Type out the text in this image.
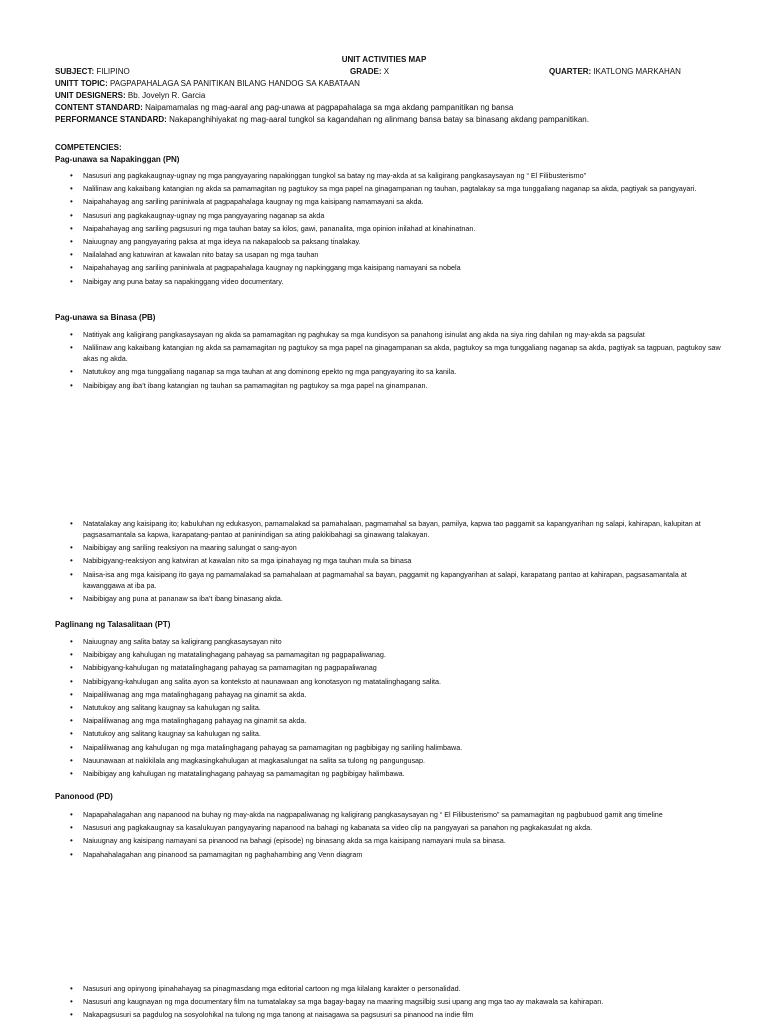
UNIT ACTIVITIES MAP
SUBJECT: FILIPINO	GRADE: X	QUARTER: IKATLONG MARKAHAN
UNITT TOPIC: PAGPAPAHALAGA SA PANITIKAN BILANG HANDOG SA KABATAAN
UNIT DESIGNERS: Bb. Jovelyn R. Garcia
CONTENT STANDARD: Naipamamalas ng mag-aaral ang pag-unawa at pagpapahalaga sa mga akdang pampanitikan ng bansa
PERFORMANCE STANDARD: Nakapanghihiyakat ng mag-aaral tungkol sa kagandahan ng alinmang bansa batay sa binasang akdang pampanitikan.
COMPETENCIES:
Pag-unawa sa Napakinggan (PN)
• Nasusuri ang pagkakaugnay-ugnay ng mga pangyayaring napakinggan tungkol sa batay ng may-akda at sa kaligirang pangkasaysayan ng “ El Filibusterismo”
• Nalilinaw ang kakaibang katangian ng akda sa pamamagitan ng pagtukoy sa mga papel na ginagampanan ng tauhan, pagtalakay sa mga tunggaliang naganap sa akda, pagtiyak sa pangyayari.
• Naipahahayag ang sariling paniniwala at pagpapahalaga kaugnay ng mga kaisipang namamayani sa akda.
• Nasusuri ang pagkakaugnay-ugnay ng mga pangyayaring naganap sa akda
• Naipahahayag ang sariling pagsusuri ng mga tauhan batay sa kilos, gawi, pananalita, mga opinion inilahad at kinahinatnan.
• Naiuugnay ang pangyayaring paksa at mga ideya na nakapaloob sa paksang tinalakay.
• Nailalahad ang katuwiran at kawalan nito batay sa usapan ng mga tauhan
• Naipahahayag ang sariling paniniwala at pagpapahalaga kaugnay ng napkinggang mga kaisipang namayani sa nobela
• Naibigay ang puna batay sa napakinggang video documentary.
Pag-unawa sa Binasa (PB)
• Natitiyak ang kaligirang pangkasaysayan ng akda sa pamamagitan ng paghukay sa mga kundisyon sa panahong isinulat ang akda na siya ring dahilan ng may-akda sa pagsulat
• Nalilinaw ang kakaibang katangian ng akda sa pamamagitan ng pagtukoy sa mga papel na ginagampanan sa akda, pagtukoy sa mga tunggaliang naganap sa akda, pagtiyak sa tagpuan, pagtukoy saw akas ng akda.
• Natutukoy ang mga tunggaliang naganap sa mga tauhan at ang dominong epekto ng mga pangyayaring ito sa kanila.
• Naibibigay ang iba’t ibang katangian ng tauhan sa pamamagitan ng pagtukoy sa mga papel na ginampanan.
• Natatalakay ang kaisipang ito; kabuluhan ng edukasyon, pamamalakad sa pamahalaan, pagmamahal sa bayan, pamilya, kapwa tao paggamit sa kapangyarihan ng salapi, kahirapan, kalupitan at pagsasamantala sa kapwa, karapatang-pantao at paninindigan sa ating pakikibahagi sa ginawang talakayan.
• Naibibigay ang sariling reaksiyon na maaring salungat o sang-ayon
• Nabibigyang-reaksiyon ang katwiran at kawalan nito sa mga ipinahayag ng mga tauhan mula sa binasa
• Naiisa-isa ang mga kaisipang ito gaya ng pamamalakad sa pamahalaan at pagmamahal sa bayan, paggamit ng kapangyarihan at salapi, karapatang pantao at kahirapan, pagsasamantala at kawanggawa at iba pa.
• Naibibigay ang puna at pananaw sa iba’t ibang binasang akda.
Paglinang ng Talasalitaan (PT)
• Naiuugnay ang salita batay sa kaligirang pangkasaysayan nito
• Naibibigay ang kahulugan ng matatalinghagang pahayag sa pamamagitan ng pagpapaliwanag.
• Nabibigyang-kahulugan ng matatalinghagang pahayag sa pamamagitan ng pagpapaliwanag
• Nabibigyang-kahulugan ang salita ayon sa konteksto at naunawaan ang konotasyon ng matatalinghagang salita.
• Naipaliliwanag ang mga matalinghagang pahayag na ginamit sa akda.
• Natutukoy ang salitang kaugnay sa kahulugan ng salita.
• Naipaliliwanag ang mga matalinghagang pahayag na ginamit sa akda.
• Natutukoy ang salitang kaugnay sa kahulugan ng salita.
• Naipaliliwanag ang kahulugan ng mga matalinghagang pahayag sa pamamagitan ng pagbibigay ng sariling halimbawa.
• Nauunawaan at nakikilala ang magkasingkahulugan at magkasalungat na salita sa tulong ng pangungusap.
• Naibibigay ang kahulugan ng matatalinghagang pahayag sa pamamagitan ng pagbibigay halimbawa.
Panonood (PD)
• Napapahalagahan ang napanood na buhay ng may-akda na nagpapaliwanag ng kaligirang pangkasaysayan ng “ El Filibusterismo” sa pamamagitan ng pagbubuod gamit ang timeline
• Nasusuri ang pagkakaugnay sa kasalukuyan pangyayaring napanood na bahagi ng kabanata sa video clip na pangyayari sa panahon ng pagkakasulat ng akda.
• Naiuugnay ang kaisipang namayani sa pinanood na bahagi (episode) ng binasang akda sa mga kaisipang namayani mula sa binasa.
• Napahahalagahan ang pinanood sa pamamagitan ng paghahambing ang Venn diagram
• Nasusuri ang opinyong ipinahahayag sa pinagmasdang mga editorial cartoon ng mga kilalang karakter o personalidad.
• Nasusuri ang kaugnayan ng mga documentary film na tumatalakay sa mga bagay-bagay na maaring magsilbig susi upang ang mga tao ay makawala sa kahirapan.
• Nakapagsusuri sa pagdulog na sosyolohikal na tulong ng mga tanong at naisagawa sa pagsusuri sa pinanood na indie film
